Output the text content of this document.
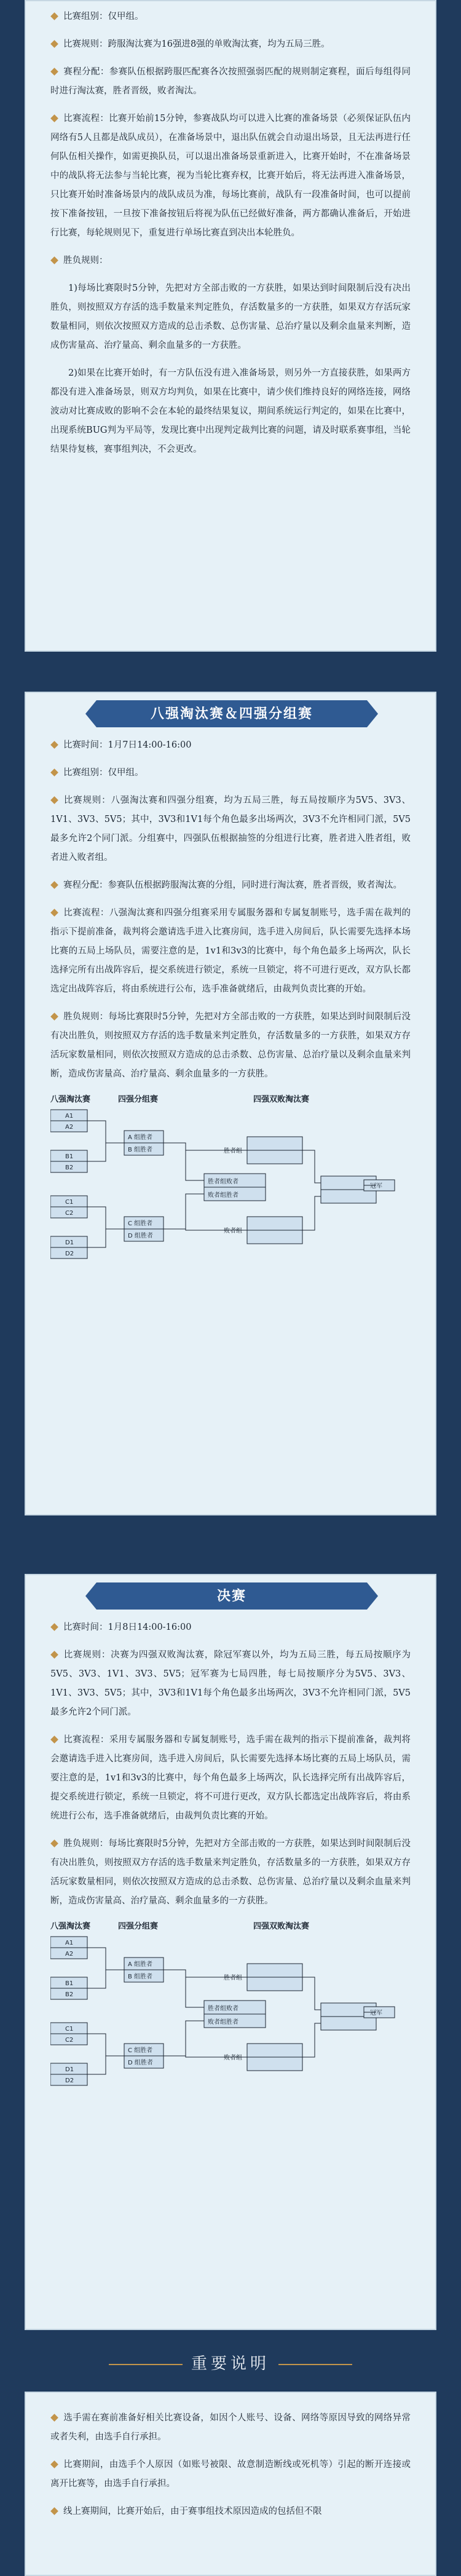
比赛组别：仅甲组。

比赛规则：跨服淘汰赛为16强进8强的单败淘汰赛，均为五局三胜。

赛程分配：参赛队伍根据跨服匹配赛各次按照强弱匹配的规则制定赛程，面后每组得同时进行淘汰赛，胜者晋级，败者淘汰。

比赛流程：比赛开始前15分钟，参赛战队均可以进入比赛的准备场景（必须保证队伍内网络有5人且都是战队成员），在准备场景中，退出队伍就会自动退出场景，且无法再进行任何队伍相关操作，如需更换队员，可以退出准备场景重新进入，比赛开始时，不在准备场景中的战队将无法参与当轮比赛，视为当轮比赛弃权，比赛开始后，将无法再进入准备场景，只比赛开始时准备场景内的战队成员为准，每场比赛前，战队有一段准备时间，也可以提前按下准备按钮，一旦按下准备按钮后将视为队伍已经做好准备，两方都确认准备后，开始进行比赛，每轮规则见下，重复进行单场比赛直到决出本轮胜负。

胜负规则：

1)每场比赛限时5分钟，先把对方全部击败的一方获胜，如果达到时间限制后没有决出胜负，则按照双方存活的选手数量来判定胜负，存活数量多的一方获胜，如果双方存活玩家数量相同，则依次按照双方造成的总击杀数、总伤害量、总治疗量以及剩余血量来判断，造成伤害量高、治疗量高、剩余血量多的一方获胜。

2)如果在比赛开始时，有一方队伍没有进入准备场景，则另外一方直接获胜，如果两方都没有进入准备场景，则双方均判负，如果在比赛中，请少侠们维持良好的网络连接，网络波动对比赛成败的影响不会在本轮的最终结果复议，期间系统运行判定的，如果在比赛中，出现系统BUG判为平局等，发现比赛中出现判定裁判比赛的问题，请及时联系赛事组，当轮结果待复核，赛事组判决，不会更改。

八强淘汰赛＆四强分组赛

比赛时间：1月7日14:00-16:00

比赛组别：仅甲组。

比赛规则：八强淘汰赛和四强分组赛，均为五局三胜，每五局按顺序为5V5、3V3、1V1、3V3、5V5；其中，3V3和1V1每个角色最多出场两次，3V3不允许相同门派，5V5最多允许2个同门派。分组赛中，四强队伍根据抽签的分组进行比赛，胜者进入胜者组，败者进入败者组。

赛程分配：参赛队伍根据跨服淘汰赛的分组，同时进行淘汰赛，胜者晋级，败者淘汰。

比赛流程：八强淘汰赛和四强分组赛采用专属服务器和专属复制账号，选手需在裁判的指示下提前准备，裁判将会邀请选手进入比赛房间，选手进入房间后，队长需要先选择本场比赛的五局上场队员，需要注意的是，1v1和3v3的比赛中，每个角色最多上场两次，队长选择完所有出战阵容后，提交系统进行锁定，系统一旦锁定，将不可进行更改，双方队长都选定出战阵容后，将由系统进行公布，选手准备就绪后，由裁判负责比赛的开始。

胜负规则：每场比赛限时5分钟，先把对方全部击败的一方获胜，如果达到时间限制后没有决出胜负，则按照双方存活的选手数量来判定胜负，存活数量多的一方获胜，如果双方存活玩家数量相同，则依次按照双方造成的总击杀数、总伤害量、总治疗量以及剩余血量来判断，造成伤害量高、治疗量高、剩余血量多的一方获胜。

八强淘汰赛	四强分组赛	四强双败淘汰赛
A1
A2
B1
B2
C1
C2
D1
D2
A 组胜者
B 组胜者
C 组胜者
D 组胜者
胜者组败者
败者组胜者
胜者组
败者组
冠军
决赛

比赛时间：1月8日14:00-16:00

比赛规则：决赛为四强双败淘汰赛，除冠军赛以外，均为五局三胜，每五局按顺序为5V5、3V3、1V1、3V3、5V5；冠军赛为七局四胜，每七局按顺序分为5V5、3V3、1V1、3V3、5V5；其中，3V3和1V1每个角色最多出场两次，3V3不允许相同门派，5V5最多允许2个同门派。

比赛流程：采用专属服务器和专属复制账号，选手需在裁判的指示下提前准备，裁判将会邀请选手进入比赛房间，选手进入房间后，队长需要先选择本场比赛的五局上场队员，需要注意的是，1v1和3v3的比赛中，每个角色最多上场两次，队长选择完所有出战阵容后，提交系统进行锁定，系统一旦锁定，将不可进行更改，双方队长都选定出战阵容后，将由系统进行公布，选手准备就绪后，由裁判负责比赛的开始。

胜负规则：每场比赛限时5分钟，先把对方全部击败的一方获胜，如果达到时间限制后没有决出胜负，则按照双方存活的选手数量来判定胜负，存活数量多的一方获胜，如果双方存活玩家数量相同，则依次按照双方造成的总击杀数、总伤害量、总治疗量以及剩余血量来判断，造成伤害量高、治疗量高、剩余血量多的一方获胜。

八强淘汰赛	四强分组赛	四强双败淘汰赛
A1
A2
B1
B2
C1
C2
D1
D2
A 组胜者
B 组胜者
C 组胜者
D 组胜者
胜者组败者
败者组胜者
胜者组
败者组
冠军
重要说明

选手需在赛前准备好相关比赛设备，如因个人账号、设备、网络等原因导致的网络异常或者失利，由选手自行承担。

比赛期间，由选手个人原因（如账号被限、故意制造断线或死机等）引起的断开连接或离开比赛等，由选手自行承担。

线上赛期间，比赛开始后，由于赛事组技术原因造成的包括但不限
